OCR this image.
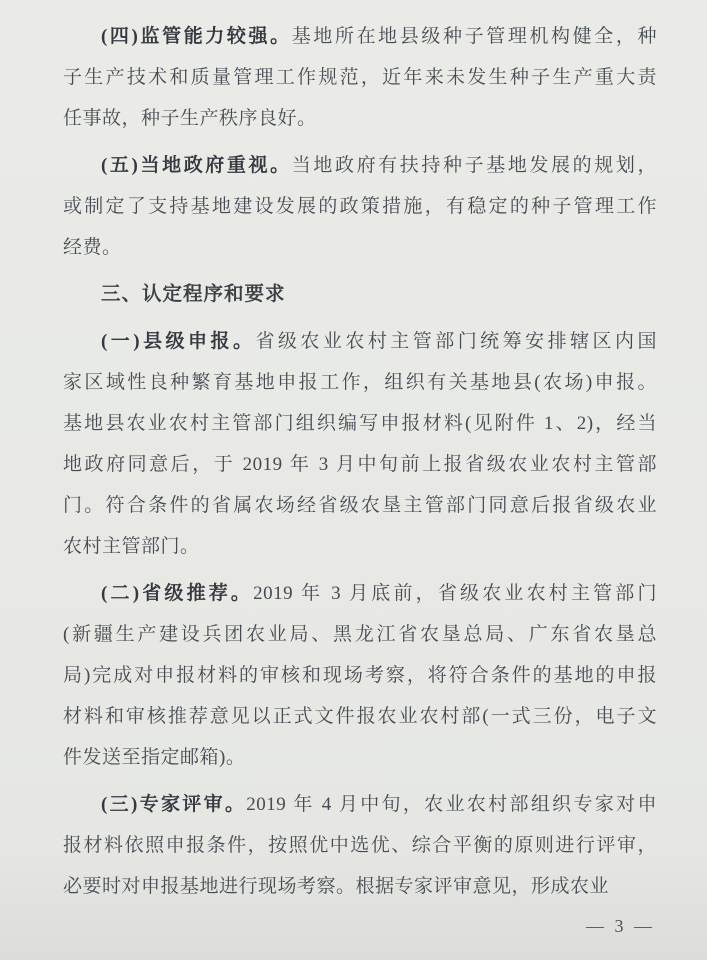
(四)监管能力较强。基地所在地县级种子管理机构健全，种
子生产技术和质量管理工作规范，近年来未发生种子生产重大责
任事故，种子生产秩序良好。

(五)当地政府重视。当地政府有扶持种子基地发展的规划，
或制定了支持基地建设发展的政策措施，有稳定的种子管理工作
经费。

三、认定程序和要求

(一)县级申报。省级农业农村主管部门统筹安排辖区内国
家区域性良种繁育基地申报工作，组织有关基地县(农场)申报。
基地县农业农村主管部门组织编写申报材料(见附件 1、2)，经当
地政府同意后，于 2019 年 3 月中旬前上报省级农业农村主管部
门。符合条件的省属农场经省级农垦主管部门同意后报省级农业
农村主管部门。

(二)省级推荐。2019 年 3 月底前，省级农业农村主管部门
(新疆生产建设兵团农业局、黑龙江省农垦总局、广东省农垦总
局)完成对申报材料的审核和现场考察，将符合条件的基地的申报
材料和审核推荐意见以正式文件报农业农村部(一式三份，电子文
件发送至指定邮箱)。

(三)专家评审。2019 年 4 月中旬，农业农村部组织专家对申
报材料依照申报条件，按照优中选优、综合平衡的原则进行评审，
必要时对申报基地进行现场考察。根据专家评审意见，形成农业

— 3 —
